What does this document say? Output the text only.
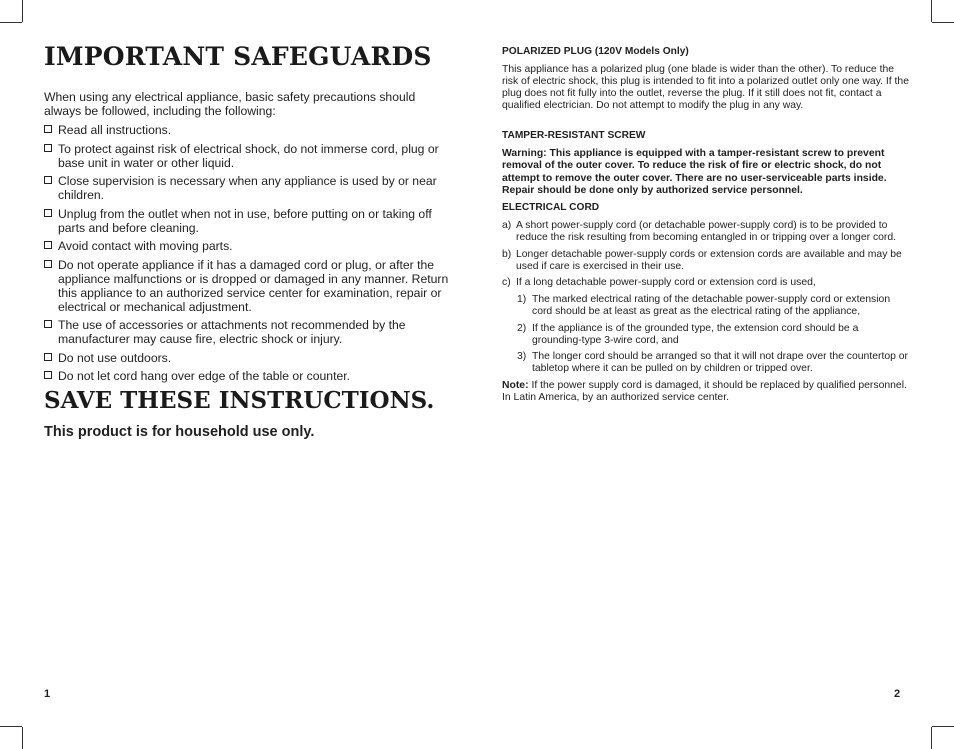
IMPORTANT SAFEGUARDS

When using any electrical appliance, basic safety precautions should always be followed, including the following:

Read all instructions.
To protect against risk of electrical shock, do not immerse cord, plug or base unit in water or other liquid.
Close supervision is necessary when any appliance is used by or near children.
Unplug from the outlet when not in use, before putting on or taking off parts and before cleaning.
Avoid contact with moving parts.
Do not operate appliance if it has a damaged cord or plug, or after the appliance malfunctions or is dropped or damaged in any manner. Return this appliance to an authorized service center for examination, repair or electrical or mechanical adjustment.
The use of accessories or attachments not recommended by the manufacturer may cause fire, electric shock or injury.
Do not use outdoors.
Do not let cord hang over edge of the table or counter.
SAVE THESE INSTRUCTIONS.

This product is for household use only.

1

POLARIZED PLUG (120V Models Only)

This appliance has a polarized plug (one blade is wider than the other). To reduce the risk of electric shock, this plug is intended to fit into a polarized outlet only one way. If the plug does not fit fully into the outlet, reverse the plug. If it still does not fit, contact a qualified electrician. Do not attempt to modify the plug in any way.

TAMPER-RESISTANT SCREW

Warning: This appliance is equipped with a tamper-resistant screw to prevent removal of the outer cover. To reduce the risk of fire or electric shock, do not attempt to remove the outer cover. There are no user-serviceable parts inside. Repair should be done only by authorized service personnel.

ELECTRICAL CORD

a) A short power-supply cord (or detachable power-supply cord) is to be provided to reduce the risk resulting from becoming entangled in or tripping over a longer cord.
b) Longer detachable power-supply cords or extension cords are available and may be used if care is exercised in their use.
c) If a long detachable power-supply cord or extension cord is used,
1) The marked electrical rating of the detachable power-supply cord or extension cord should be at least as great as the electrical rating of the appliance,
2) If the appliance is of the grounded type, the extension cord should be a grounding-type 3-wire cord, and
3) The longer cord should be arranged so that it will not drape over the countertop or tabletop where it can be pulled on by children or tripped over.

Note: If the power supply cord is damaged, it should be replaced by qualified personnel. In Latin America, by an authorized service center.

2
